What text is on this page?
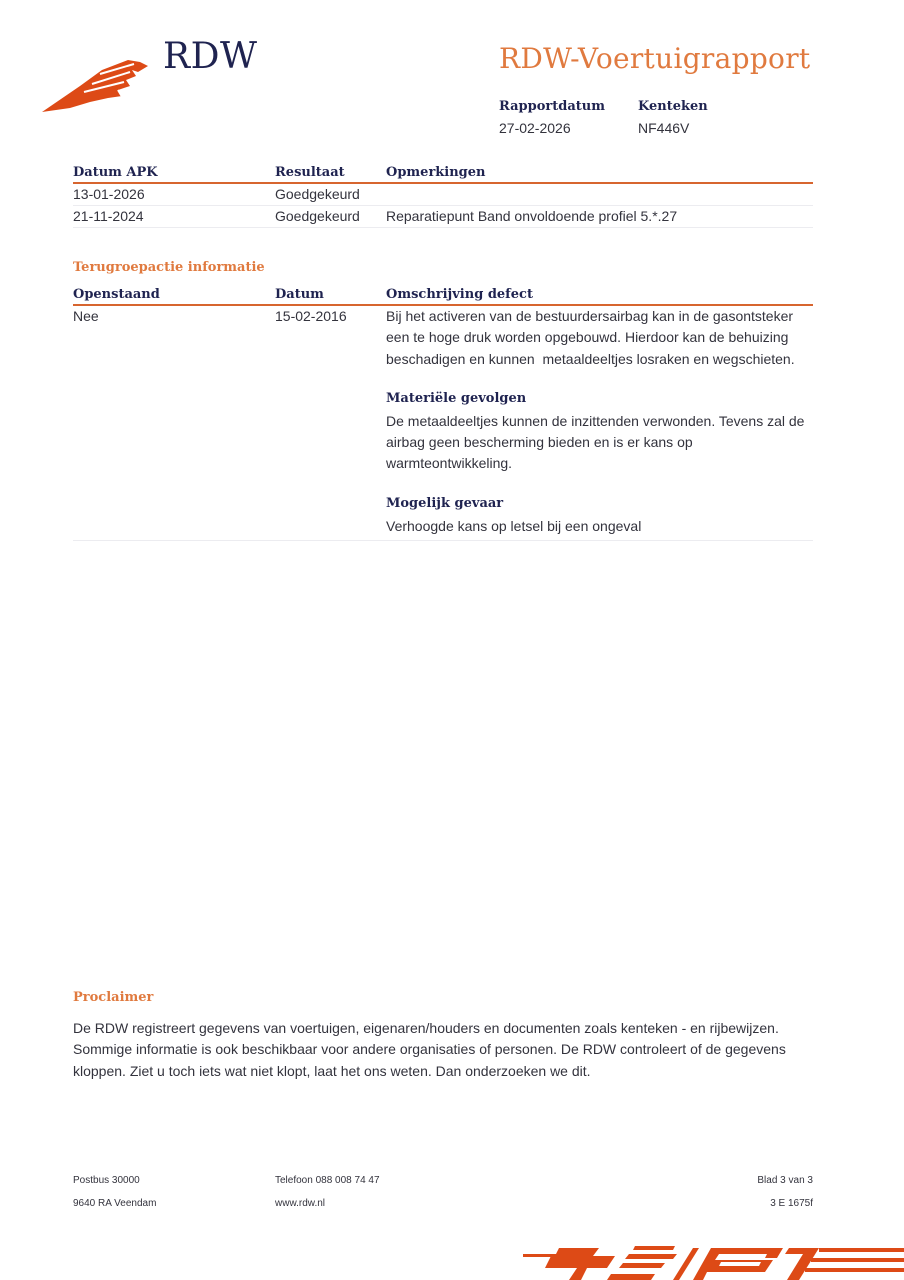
RDW	RDW-Voertuigrapport
Rapportdatum
27-02-2026
Kenteken
NF446V
Datum APK	Resultaat	Opmerkingen
13-01-2026	Goedgekeurd
21-11-2024	Goedgekeurd	Reparatiepunt Band onvoldoende profiel 5.*.27
Terugroepactie informatie
Openstaand	Datum	Omschrijving defect
Nee	15-02-2016	Bij het activeren van de bestuurdersairbag kan in de gasontsteker een te hoge druk worden opgebouwd. Hierdoor kan de behuizing beschadigen en kunnen  metaaldeeltjes losraken en wegschieten.
Materiële gevolgen
De metaaldeeltjes kunnen de inzittenden verwonden. Tevens zal de airbag geen bescherming bieden en is er kans op warmteontwikkeling.
Mogelijk gevaar
Verhoogde kans op letsel bij een ongeval
Proclaimer
De RDW registreert gegevens van voertuigen, eigenaren/houders en documenten zoals kenteken - en rijbewijzen. Sommige informatie is ook beschikbaar voor andere organisaties of personen. De RDW controleert of de gegevens kloppen. Ziet u toch iets wat niet klopt, laat het ons weten. Dan onderzoeken we dit.
Postbus 30000
9640 RA Veendam
Telefoon 088 008 74 47
www.rdw.nl
Blad 3 van 3
3 E 1675f
